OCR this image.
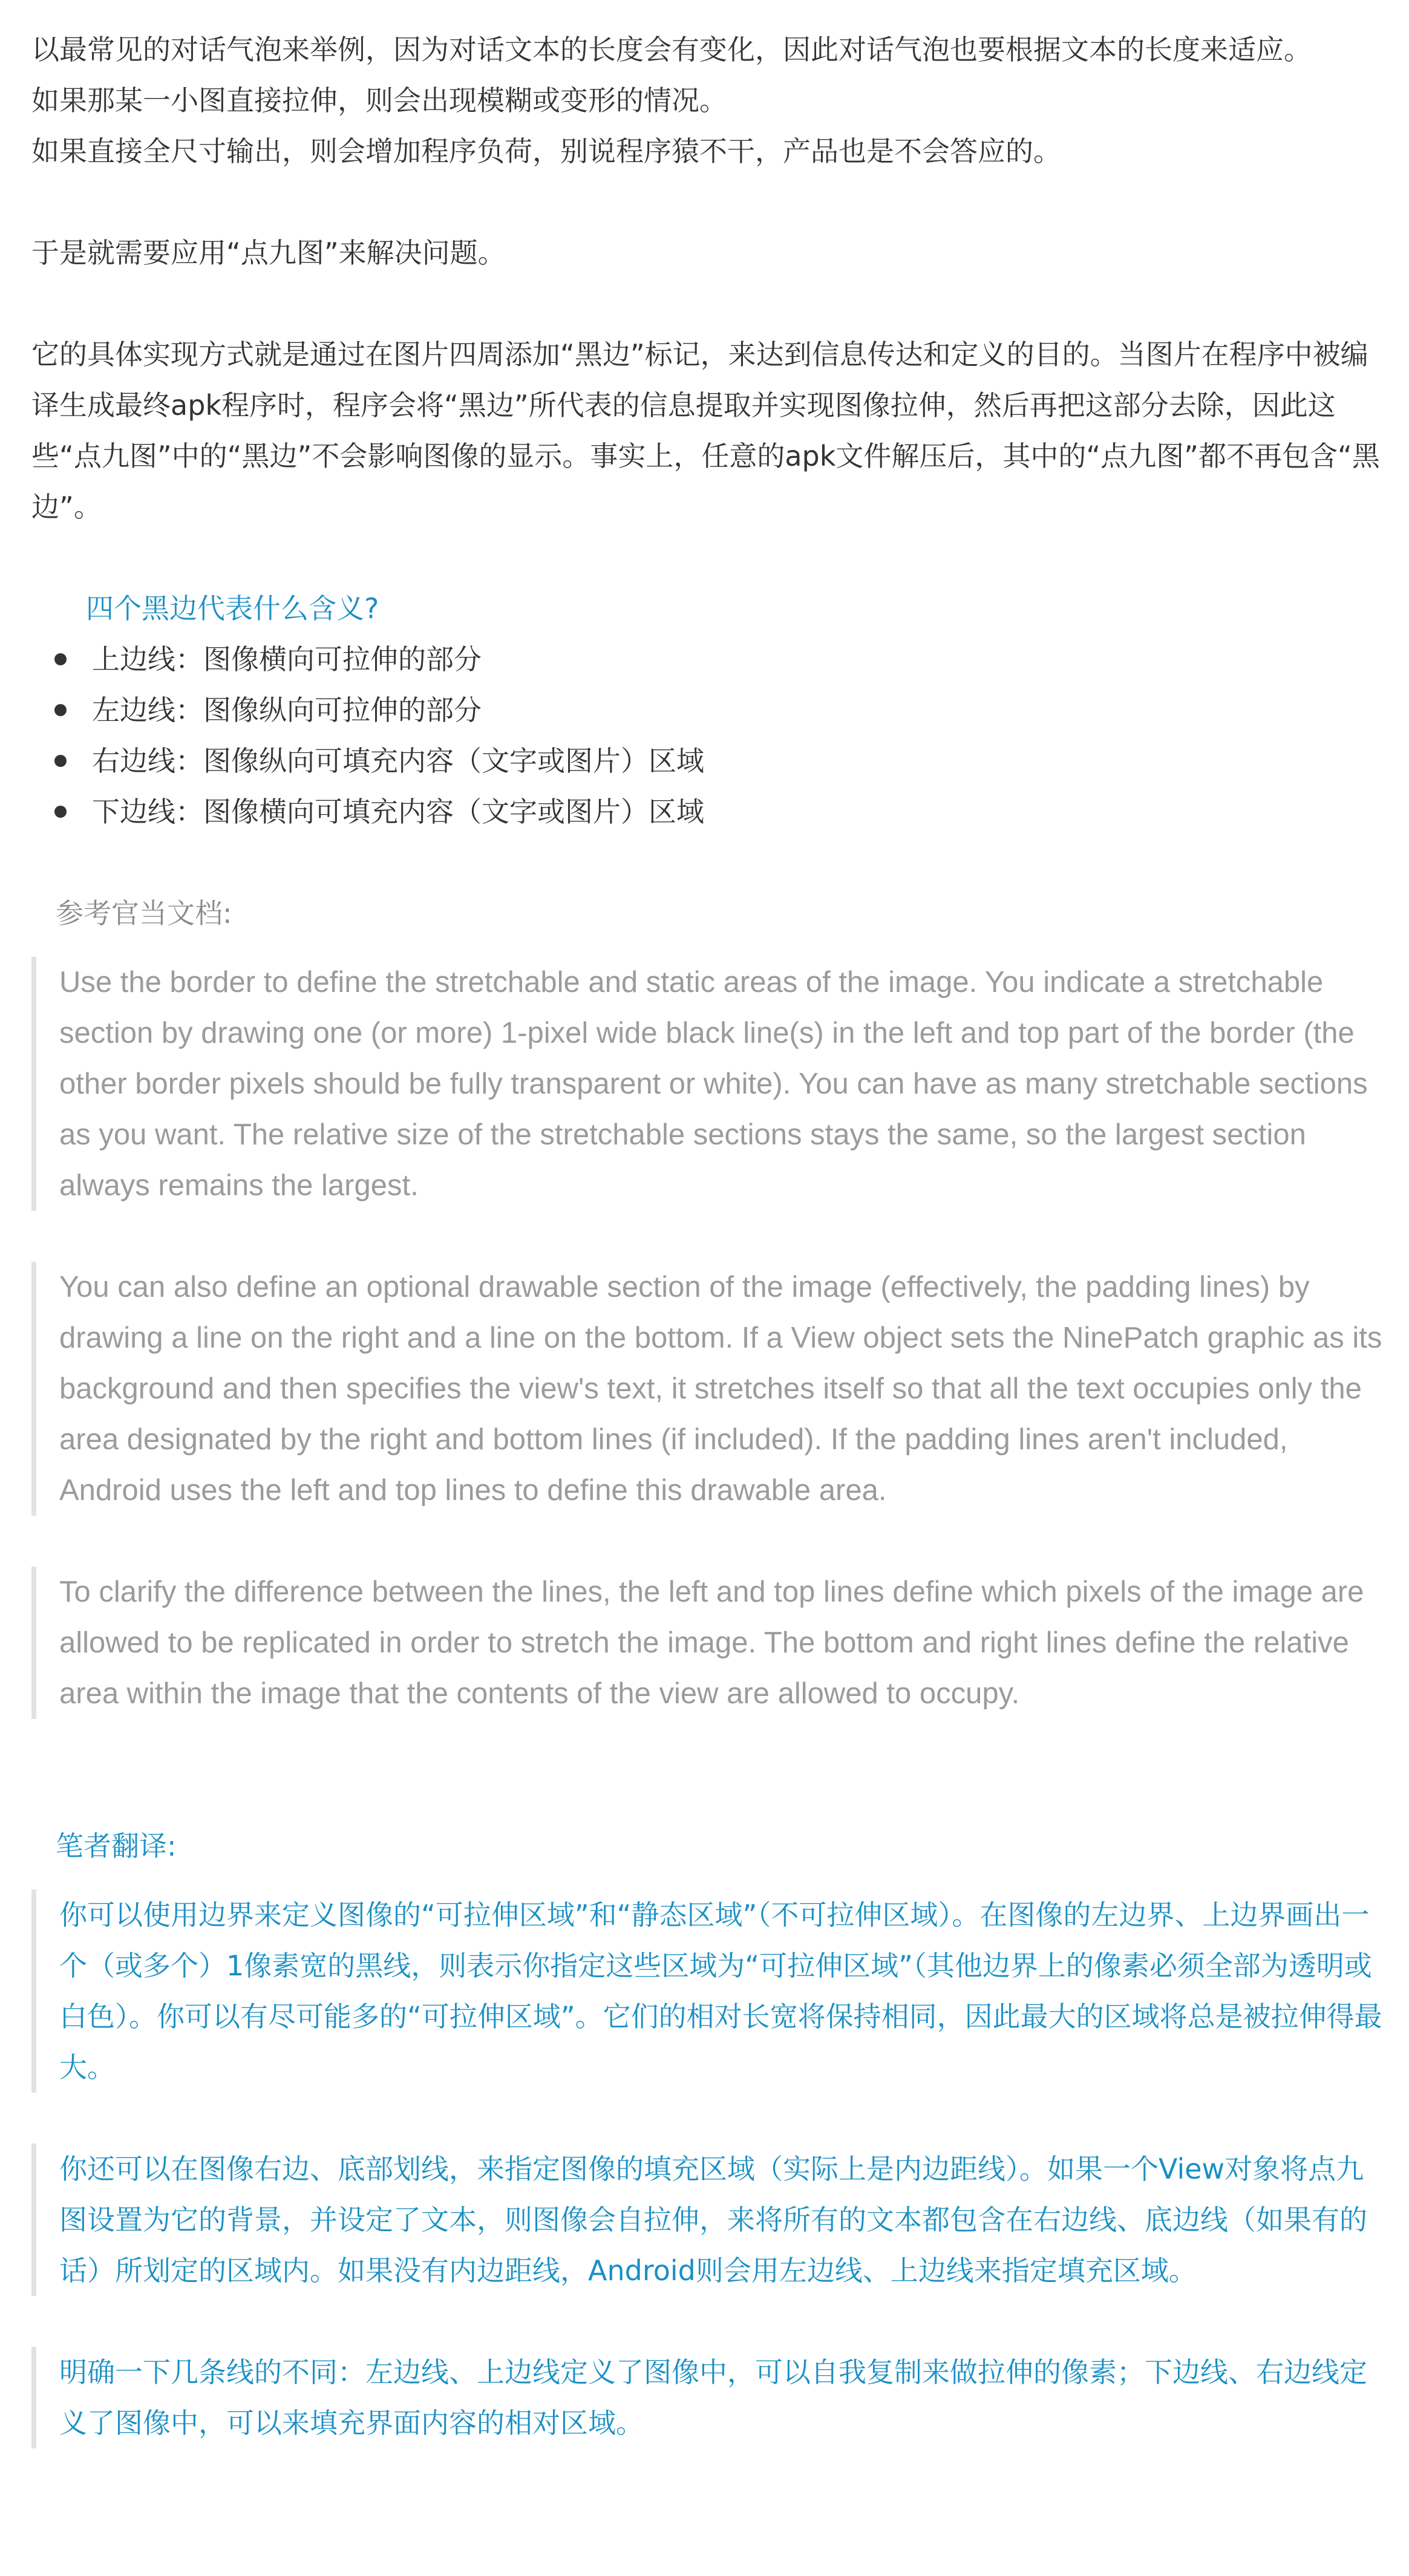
以最常见的对话气泡来举例，因为对话文本的长度会有变化，因此对话气泡也要根据文本的长度来适应。

如果那某一小图直接拉伸，则会出现模糊或变形的情况。

如果直接全尺寸输出，则会增加程序负荷，别说程序猿不干，产品也是不会答应的。

于是就需要应用“点九图”来解决问题。

它的具体实现方式就是通过在图片四周添加“黑边”标记，来达到信息传达和定义的目的。当图片在程序中被编译生成最终apk程序时，程序会将“黑边”所代表的信息提取并实现图像拉伸，然后再把这部分去除，因此这些“点九图”中的“黑边”不会影响图像的显示。事实上，任意的apk文件解压后，其中的“点九图”都不再包含“黑边”。

四个黑边代表什么含义?

上边线：图像横向可拉伸的部分
左边线：图像纵向可拉伸的部分
右边线：图像纵向可填充内容（文字或图片）区域
下边线：图像横向可填充内容（文字或图片）区域

参考官当文档:

Use the border to define the stretchable and static areas of the image. You indicate a stretchable section by drawing one (or more) 1-pixel wide black line(s) in the left and top part of the border (the other border pixels should be fully transparent or white). You can have as many stretchable sections as you want. The relative size of the stretchable sections stays the same, so the largest section always remains the largest.
You can also define an optional drawable section of the image (effectively, the padding lines) by drawing a line on the right and a line on the bottom. If a View object sets the NinePatch graphic as its background and then specifies the view's text, it stretches itself so that all the text occupies only the area designated by the right and bottom lines (if included). If the padding lines aren't included, Android uses the left and top lines to define this drawable area.
To clarify the difference between the lines, the left and top lines define which pixels of the image are allowed to be replicated in order to stretch the image. The bottom and right lines define the relative area within the image that the contents of the view are allowed to occupy.

笔者翻译:

你可以使用边界来定义图像的“可拉伸区域”和“静态区域”（不可拉伸区域）。在图像的左边界、上边界画出一个（或多个）1像素宽的黑线，则表示你指定这些区域为“可拉伸区域”（其他边界上的像素必须全部为透明或白色）。你可以有尽可能多的“可拉伸区域”。它们的相对长宽将保持相同，因此最大的区域将总是被拉伸得最大。
你还可以在图像右边、底部划线，来指定图像的填充区域（实际上是内边距线）。如果一个View对象将点九图设置为它的背景，并设定了文本，则图像会自拉伸，来将所有的文本都包含在右边线、底边线（如果有的话）所划定的区域内。如果没有内边距线，Android则会用左边线、上边线来指定填充区域。
明确一下几条线的不同：左边线、上边线定义了图像中，可以自我复制来做拉伸的像素；下边线、右边线定义了图像中，可以来填充界面内容的相对区域。
